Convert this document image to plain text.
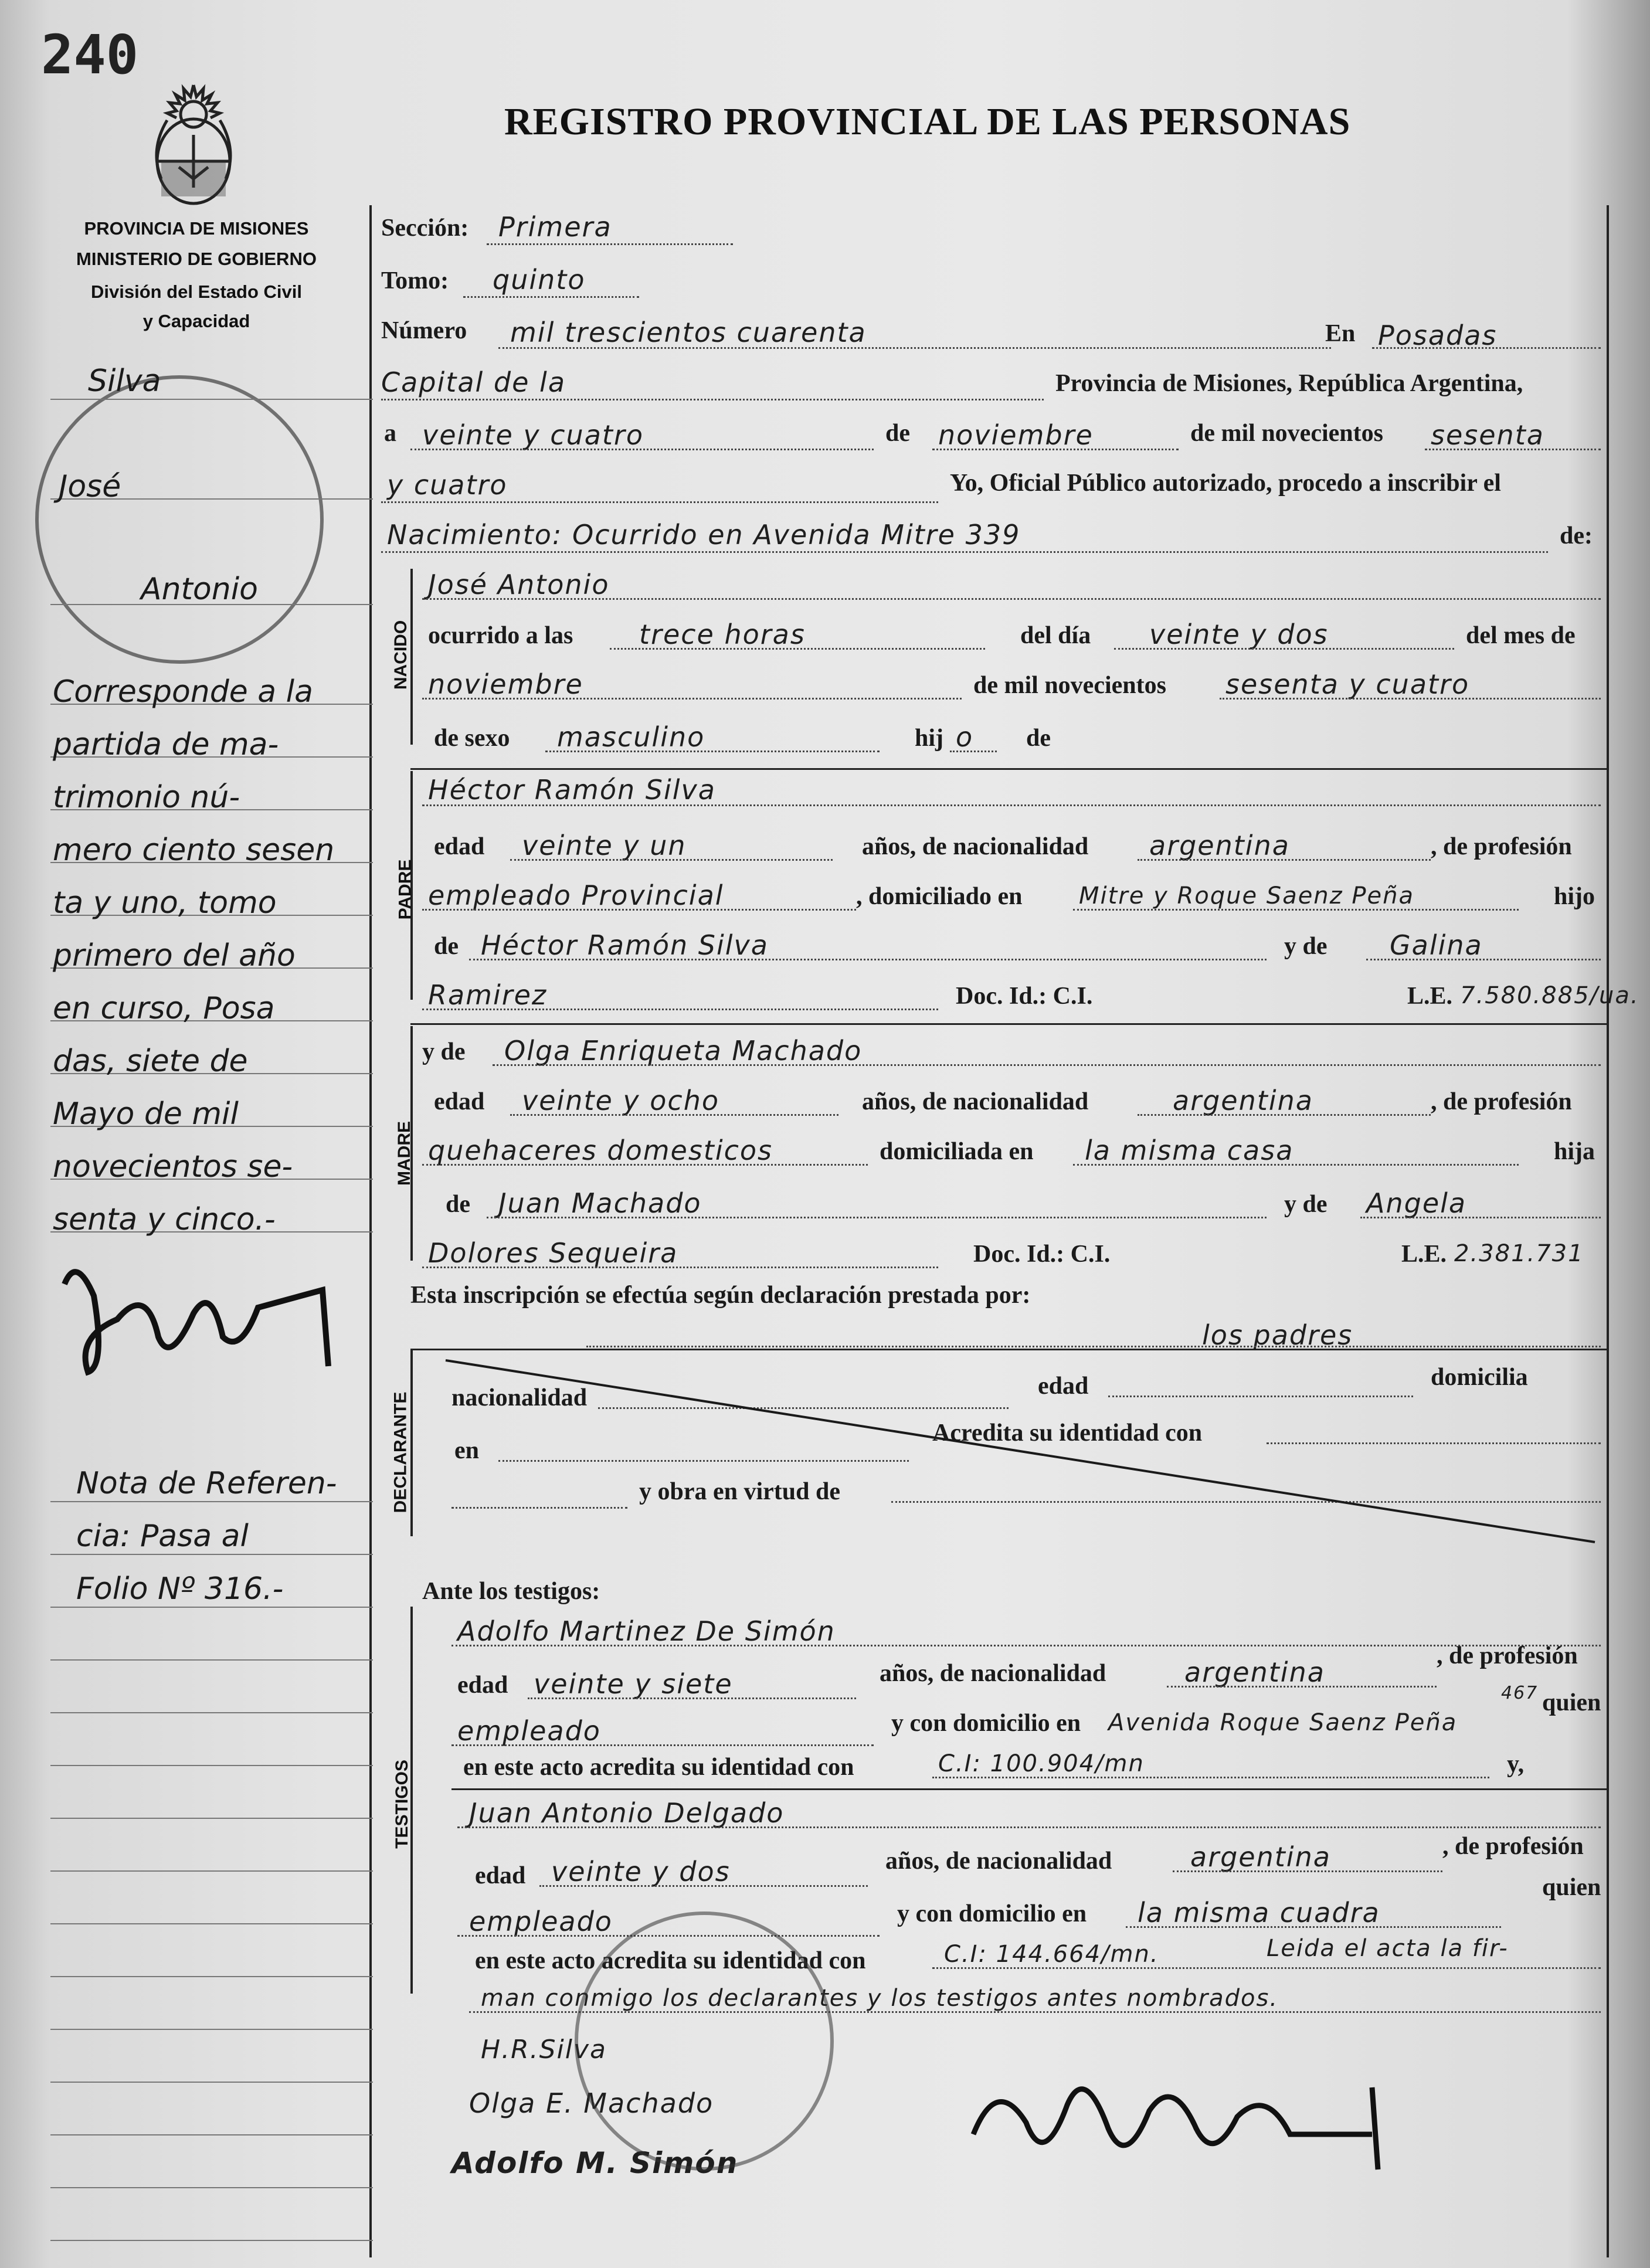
240
REGISTRO PROVINCIAL DE LAS PERSONAS
PROVINCIA DE MISIONES
MINISTERIO DE GOBIERNO
División del Estado Civil
y Capacidad
NACIDO
PADRE
MADRE
DECLARANTE
TESTIGOS
Sección: Primera
Tomo: quinto
Número mil trescientos cuarenta	En Posadas
Capital de la	Provincia de Misiones, República Argentina,
a veinte y cuatro	de noviembre	de mil novecientos sesenta
y cuatro	Yo, Oficial Público autorizado, procedo a inscribir el
Nacimiento: Ocurrido en Avenida Mitre 339	de:
José Antonio
ocurrido a las trece horas	del día veinte y dos	del mes de
noviembre	de mil novecientos sesenta y cuatro
de sexo masculino	hij o de
Héctor Ramón Silva
edad veinte y un	años, de nacionalidad argentina	, de profesión
empleado Provincial	, domiciliado en Mitre y Roque Saenz Peña	hijo
de Héctor Ramón Silva	y de Galina
Ramirez	Doc. Id.: C.I.	L.E. 7.580.885/ua.
y de Olga Enriqueta Machado
edad veinte y ocho	años, de nacionalidad	argentina	, de profesión
quehaceres domesticos	domiciliada en la misma casa	hija
de Juan Machado	y de Angela
Dolores Sequeira	Doc. Id.: C.I.	L.E. 2.381.731
Esta inscripción se efectúa según declaración prestada por:
los padres
nacionalidad	edad	domicilia
en
Acredita su identidad con
y obra en virtud de
Ante los testigos:
Adolfo Martinez De Simón
edad veinte y siete	años, de nacionalidad	argentina
, de profesión
empleado	y con domicilio en Avenida Roque Saenz Peña
467 quien
en este acto acredita su identidad con	C.I: 100.904/mn	y,
Juan Antonio Delgado
edad veinte y dos	años, de nacionalidad	argentina	, de profesión
empleado	y con domicilio en la misma cuadra
quien
en este acto acredita su identidad con	C.I: 144.664/mn.	Leida el acta la fir-
man conmigo los declarantes y los testigos antes nombrados.
H.R.Silva
Olga E. Machado
Adolfo M. Simón
Silva
José
Antonio
Corresponde a la
partida de ma-
trimonio nú-
mero ciento sesen
ta y uno, tomo
primero del año
en curso, Posa
das, siete de
Mayo de mil
novecientos se-
senta y cinco.-
Nota de Referen-
cia: Pasa al
Folio Nº 316.-
